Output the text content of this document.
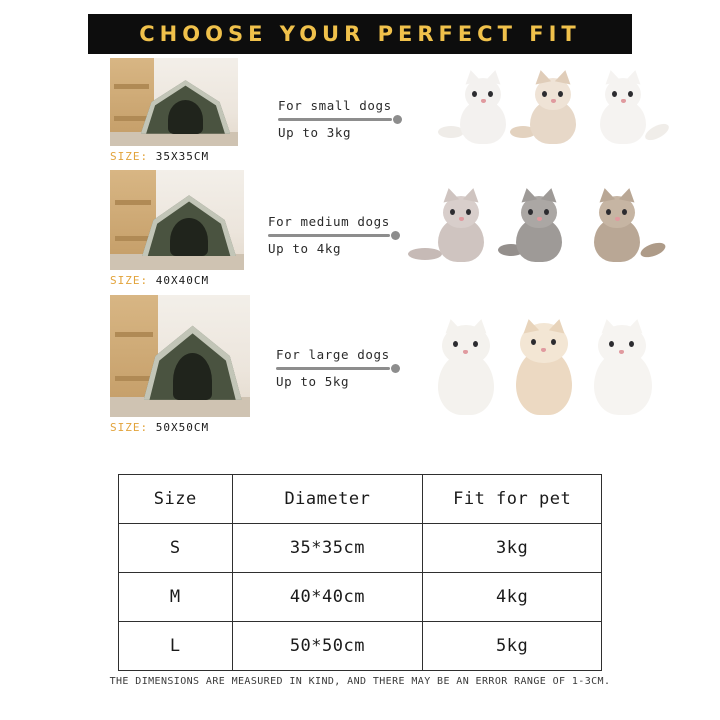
CHOOSE YOUR PERFECT FIT
SIZE: 35X35CM
For small dogs
Up to 3kg
SIZE: 40X40CM
For medium dogs
Up to 4kg
SIZE: 50X50CM
For large dogs
Up to 5kg
Size	Diameter	Fit for pet
S	35*35cm	3kg
M	40*40cm	4kg
L	50*50cm	5kg
THE DIMENSIONS ARE MEASURED IN KIND, AND THERE MAY BE AN ERROR RANGE OF 1-3CM.
